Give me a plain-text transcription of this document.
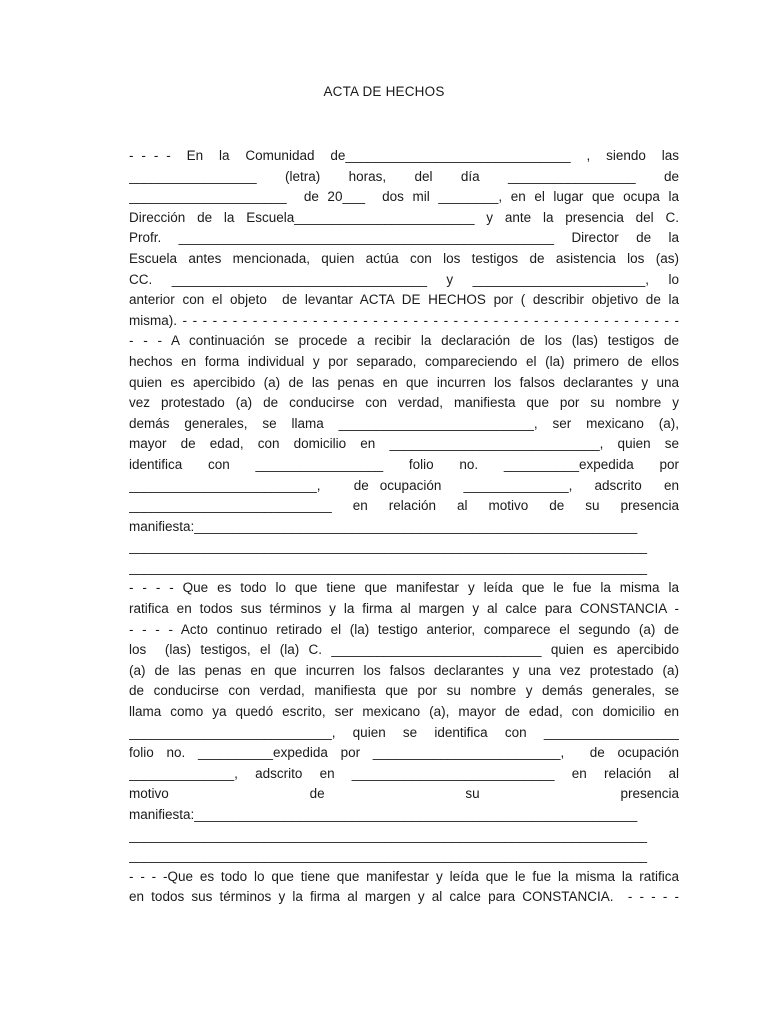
ACTA DE HECHOS
- - - -  En  la  Comunidad  de______________________________  ,  siendo  las
_________________  (letra)  horas,  del  día  _________________  de
_____________________  de 20___  dos mil ________, en el lugar que ocupa la
Dirección de la Escuela________________________ y ante la presencia del C.
Profr. __________________________________________________ Director de la
Escuela antes mencionada, quien actúa con los testigos de asistencia los (as)
CC.  __________________________________  y  _______________________,  lo
anterior con el objeto  de levantar ACTA DE HECHOS por ( describir objetivo de la
misma). - - - - - - - - - - - - - - - - - - - - - - - - - - - - - - - - - - - - - - - - - - - - - - - - - -
- - - A continuación se procede a recibir la declaración de los (las) testigos de
hechos en forma individual y por separado, compareciendo el (la) primero de ellos
quien es apercibido (a) de las penas en que incurren los falsos declarantes y una
vez protestado (a) de conducirse con verdad, manifiesta que por su nombre y
demás generales, se llama __________________________, ser mexicano (a),
mayor de edad, con domicilio en ____________________________, quien se
identifica  con  _________________  folio  no.  __________expedida  por
_________________________,   de ocupación  ______________,  adscrito  en
___________________________  en  relación  al  motivo  de  su  presencia
manifiesta:___________________________________________________________
_____________________________________________________________________
_____________________________________________________________________
- - - - Que es todo lo que tiene que manifestar y leída que le fue la misma la
ratifica en todos sus términos y la firma al margen y al calce para CONSTANCIA -
- - - - Acto continuo retirado el (la) testigo anterior, comparece el segundo (a) de
los  (las) testigos, el (la) C. ____________________________ quien es apercibido
(a) de las penas en que incurren los falsos declarantes y una vez protestado (a)
de conducirse con verdad, manifiesta que por su nombre y demás generales, se
llama como ya quedó escrito, ser mexicano (a), mayor de edad, con domicilio en
___________________________, quien se identifica con __________________
folio no. __________expedida por _________________________,  de ocupación
______________,  adscrito  en  ___________________________  en  relación  al
motivo  de  su  presencia
manifiesta:___________________________________________________________
_____________________________________________________________________
_____________________________________________________________________
- - - -Que es todo lo que tiene que manifestar y leída que le fue la misma la ratifica
en todos sus términos y la firma al margen y al calce para CONSTANCIA.  - - - - -
